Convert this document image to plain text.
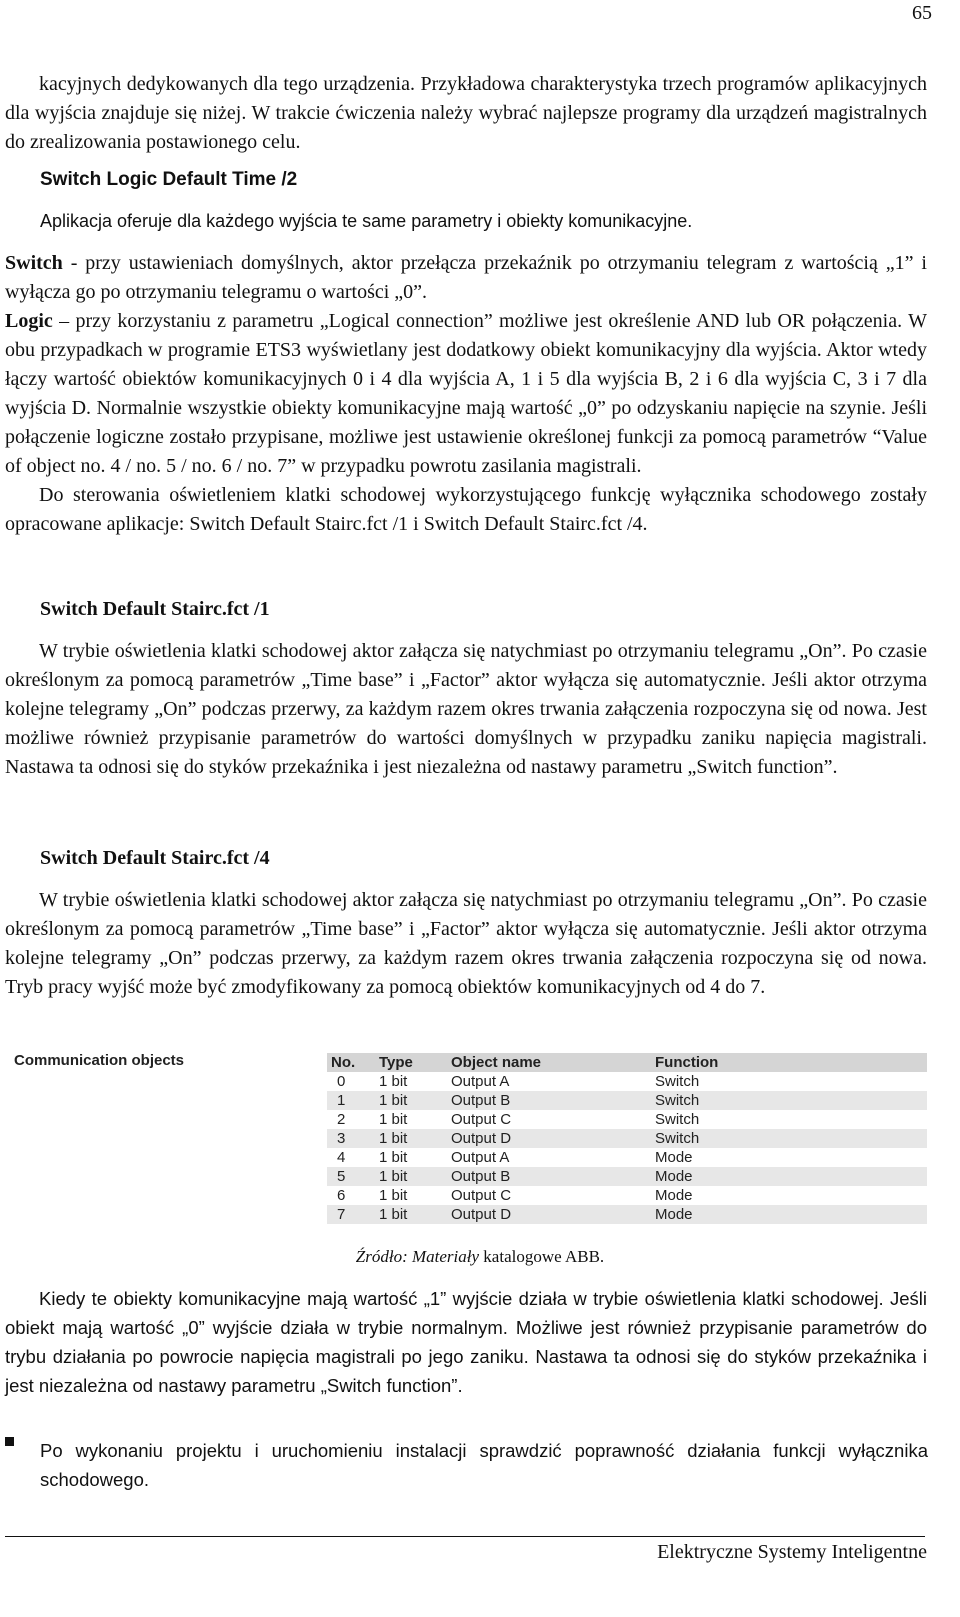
65

kacyjnych dedykowanych dla tego urządzenia. Przykładowa charakterystyka trzech programów aplikacyjnych dla wyjścia znajduje się niżej. W trakcie ćwiczenia należy wybrać najlepsze programy dla urządzeń magistralnych do zrealizowania postawionego celu.

Switch Logic Default Time /2
Aplikacja oferuje dla każdego wyjścia te same parametry i obiekty komunikacyjne.

Switch - przy ustawieniach domyślnych, aktor przełącza przekaźnik po otrzymaniu telegram z wartością „1” i wyłącza go po otrzymaniu telegramu o wartości „0”.

Logic – przy korzystaniu z parametru „Logical connection” możliwe jest określenie AND lub OR połączenia. W obu przypadkach w programie ETS3 wyświetlany jest dodatkowy obiekt komunikacyjny dla wyjścia. Aktor wtedy łączy wartość obiektów komunikacyjnych 0 i 4 dla wyjścia A, 1 i 5 dla wyjścia B, 2 i 6 dla wyjścia C, 3 i 7 dla wyjścia D. Normalnie wszystkie obiekty komunikacyjne mają wartość „0” po odzyskaniu napięcie na szynie. Jeśli połączenie logiczne zostało przypisane, możliwe jest ustawienie określonej funkcji za pomocą parametrów “Value of object no. 4 / no. 5 / no. 6 / no. 7” w przypadku powrotu zasilania magistrali.

Do sterowania oświetleniem klatki schodowej wykorzystującego funkcję wyłącznika schodowego zostały opracowane aplikacje: Switch Default Stairc.fct /1 i Switch Default Stairc.fct /4.

Switch Default Stairc.fct /1

W trybie oświetlenia klatki schodowej aktor załącza się natychmiast po otrzymaniu telegramu „On”. Po czasie określonym za pomocą parametrów „Time base” i „Factor” aktor wyłącza się automatycznie. Jeśli aktor otrzyma kolejne telegramy „On” podczas przerwy, za każdym razem okres trwania załączenia rozpoczyna się od nowa. Jest możliwe również przypisanie parametrów do wartości domyślnych w przypadku zaniku napięcia magistrali. Nastawa ta odnosi się do styków przekaźnika i jest niezależna od nastawy parametru „Switch function”.

Switch Default Stairc.fct /4

W trybie oświetlenia klatki schodowej aktor załącza się natychmiast po otrzymaniu telegramu „On”. Po czasie określonym za pomocą parametrów „Time base” i „Factor” aktor wyłącza się automatycznie. Jeśli aktor otrzyma kolejne telegramy „On” podczas przerwy, za każdym razem okres trwania załączenia rozpoczyna się od nowa. Tryb pracy wyjść może być zmodyfikowany za pomocą obiektów komunikacyjnych od 4 do 7.

Communication objects	No.	Type	Object name	Function
0	1 bit	Output A	Switch
1	1 bit	Output B	Switch
2	1 bit	Output C	Switch
3	1 bit	Output D	Switch
4	1 bit	Output A	Mode
5	1 bit	Output B	Mode
6	1 bit	Output C	Mode
7	1 bit	Output D	Mode
Źródło: Materiały katalogowe ABB.

Kiedy te obiekty komunikacyjne mają wartość „1” wyjście działa w trybie oświetlenia klatki schodowej. Jeśli obiekt mają wartość „0” wyjście działa w trybie normalnym. Możliwe jest również przypisanie parametrów do trybu działania po powrocie napięcia magistrali po jego zaniku. Nastawa ta odnosi się do styków przekaźnika i jest niezależna od nastawy parametru „Switch function”.

Po wykonaniu projektu i uruchomieniu instalacji sprawdzić poprawność działania funkcji wyłącznika schodowego.
Elektryczne Systemy Inteligentne
